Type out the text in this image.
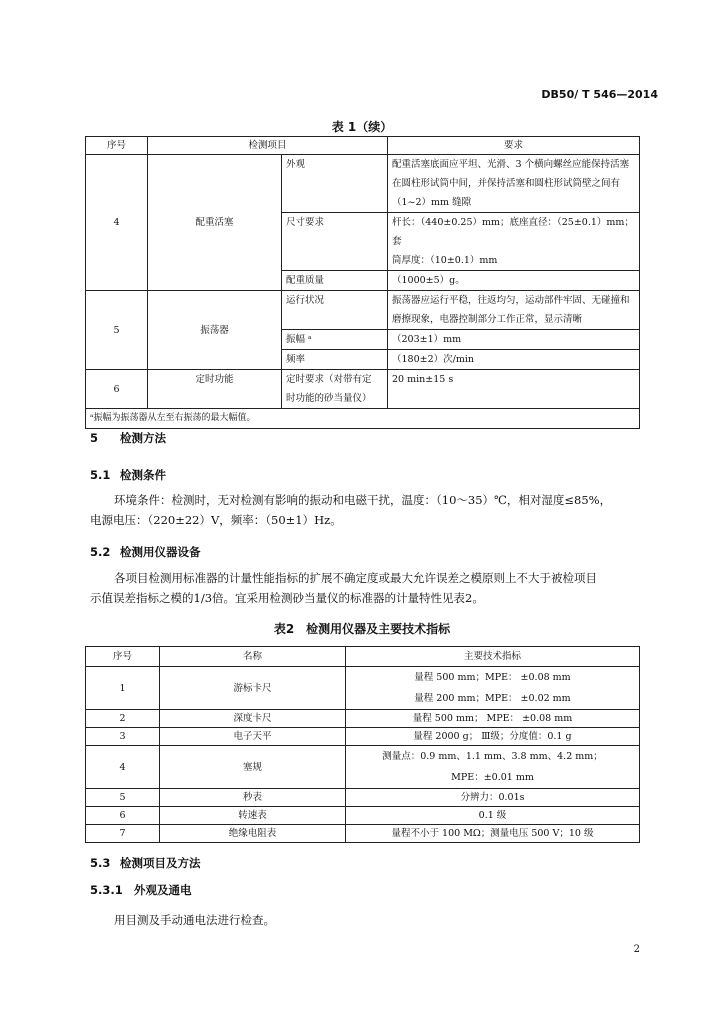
DB50/ T 546—2014
表 1（续）
序号	检测项目		要求
4	配重活塞	外观	配重活塞底面应平坦、光滑、3 个横向螺丝应能保持活塞
在圆柱形试筒中间，并保持活塞和圆柱形试筒壁之间有
（1~2）mm 缝隙

		尺寸要求	杆长：（440±0.25）mm；底座直径：（25±0.1）mm；套
筒厚度：（10±0.1）mm

		配重质量	（1000±5）g。
5	振荡器	运行状况	振荡器应运行平稳，往返均匀，运动部件牢固、无碰撞和
磨擦现象，电器控制部分工作正常，显示清晰

		振幅 ᵃ	（203±1）mm
		频率	（180±2）次/min
6	定时功能	定时要求（对带有定
时功能的砂当量仪）	20 min±15 s
ᵃ振幅为振荡器从左至右振荡的最大幅值。			
5 检测方法
5.1 检测条件
环境条件：检测时，无对检测有影响的振动和电磁干扰，温度：（10～35）℃，相对湿度≤85%，
电源电压：（220±22）V，频率：（50±1）Hz。
5.2 检测用仪器设备
各项目检测用标准器的计量性能指标的扩展不确定度或最大允许误差之模原则上不大于被检项目
示值误差指标之模的1/3倍。宜采用检测砂当量仪的标准器的计量特性见表2。
表2　检测用仪器及主要技术指标
序号	名称	主要技术指标
1	游标卡尺	量程 500 mm；MPE： ±0.08 mm
量程 200 mm；MPE： ±0.02 mm

2	深度卡尺	量程 500 mm； MPE： ±0.08 mm
3	电子天平	量程 2000 g； Ⅲ级；分度值：0.1 g
4	塞规	测量点：0.9 mm、1.1 mm、3.8 mm、4.2 mm；
MPE：±0.01 mm

5	秒表	分辨力：0.01s
6	转速表	0.1 级
7	绝缘电阻表	量程不小于 100 MΩ；测量电压 500 V；10 级
5.3 检测项目及方法
5.3.1 外观及通电
用目测及手动通电法进行检查。
2
